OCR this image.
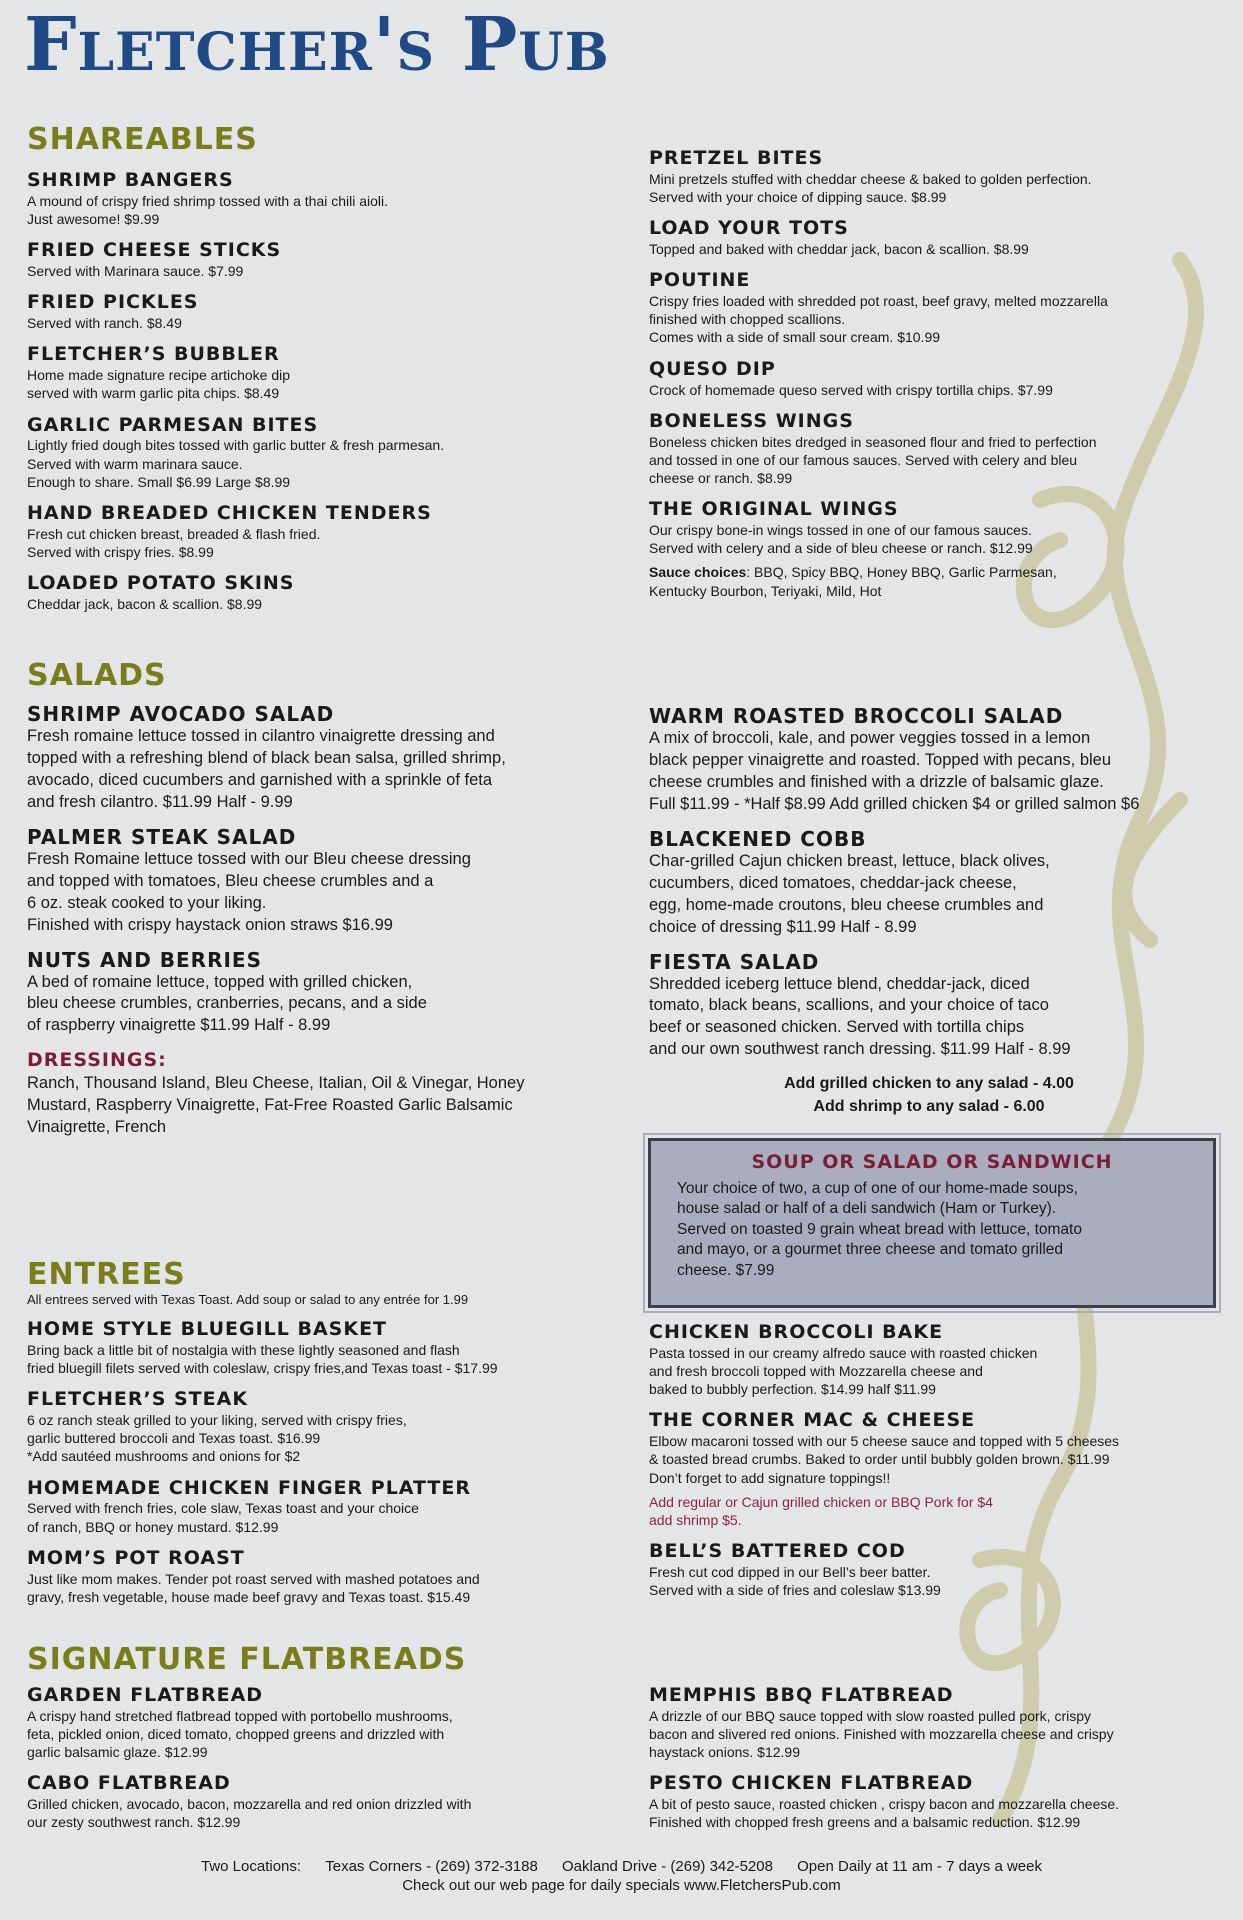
Fletcher's Pub
SHAREABLES
SHRIMP BANGERS
A mound of crispy fried shrimp tossed with a thai chili aioli.
Just awesome! $9.99
FRIED CHEESE STICKS
Served with Marinara sauce. $7.99
FRIED PICKLES
Served with ranch. $8.49
FLETCHER’S BUBBLER
Home made signature recipe artichoke dip
served with warm garlic pita chips. $8.49
GARLIC PARMESAN BITES
Lightly fried dough bites tossed with garlic butter & fresh parmesan.
Served with warm marinara sauce.
Enough to share. Small $6.99 Large $8.99
HAND BREADED CHICKEN TENDERS
Fresh cut chicken breast, breaded & flash fried.
Served with crispy fries. $8.99
LOADED POTATO SKINS
Cheddar jack, bacon & scallion. $8.99
PRETZEL BITES
Mini pretzels stuffed with cheddar cheese & baked to golden perfection.
Served with your choice of dipping sauce. $8.99
LOAD YOUR TOTS
Topped and baked with cheddar jack, bacon & scallion. $8.99
POUTINE
Crispy fries loaded with shredded pot roast, beef gravy, melted mozzarella
finished with chopped scallions.
Comes with a side of small sour cream. $10.99
QUESO DIP
Crock of homemade queso served with crispy tortilla chips. $7.99
BONELESS WINGS
Boneless chicken bites dredged in seasoned flour and fried to perfection
and tossed in one of our famous sauces. Served with celery and bleu
cheese or ranch. $8.99
THE ORIGINAL WINGS
Our crispy bone-in wings tossed in one of our famous sauces.
Served with celery and a side of bleu cheese or ranch. $12.99
Sauce choices: BBQ, Spicy BBQ, Honey BBQ, Garlic Parmesan,
Kentucky Bourbon, Teriyaki, Mild, Hot
SALADS
SHRIMP AVOCADO SALAD
Fresh romaine lettuce tossed in cilantro vinaigrette dressing and
topped with a refreshing blend of black bean salsa, grilled shrimp,
avocado, diced cucumbers and garnished with a sprinkle of feta
and fresh cilantro. $11.99 Half - 9.99
PALMER STEAK SALAD
Fresh Romaine lettuce tossed with our Bleu cheese dressing
and topped with tomatoes, Bleu cheese crumbles and a
6 oz. steak cooked to your liking.
Finished with crispy haystack onion straws $16.99
NUTS AND BERRIES
A bed of romaine lettuce, topped with grilled chicken,
bleu cheese crumbles, cranberries, pecans, and a side
of raspberry vinaigrette $11.99 Half - 8.99
DRESSINGS:
Ranch, Thousand Island, Bleu Cheese, Italian, Oil & Vinegar, Honey
Mustard, Raspberry Vinaigrette, Fat-Free Roasted Garlic Balsamic
Vinaigrette, French
WARM ROASTED BROCCOLI SALAD
A mix of broccoli, kale, and power veggies tossed in a lemon
black pepper vinaigrette and roasted. Topped with pecans, bleu
cheese crumbles and finished with a drizzle of balsamic glaze.
Full $11.99 - *Half $8.99 Add grilled chicken $4 or grilled salmon $6
BLACKENED COBB
Char-grilled Cajun chicken breast, lettuce, black olives,
cucumbers, diced tomatoes, cheddar-jack cheese,
egg, home-made croutons, bleu cheese crumbles and
choice of dressing $11.99 Half - 8.99
FIESTA SALAD
Shredded iceberg lettuce blend, cheddar-jack, diced
tomato, black beans, scallions, and your choice of taco
beef or seasoned chicken. Served with tortilla chips
and our own southwest ranch dressing. $11.99 Half - 8.99
Add grilled chicken to any salad - 4.00
Add shrimp to any salad - 6.00
SOUP OR SALAD OR SANDWICH
Your choice of two, a cup of one of our home-made soups,
house salad or half of a deli sandwich (Ham or Turkey).
Served on toasted 9 grain wheat bread with lettuce, tomato
and mayo, or a gourmet three cheese and tomato grilled
cheese. $7.99
ENTREES
All entrees served with Texas Toast. Add soup or salad to any entrée for 1.99
HOME STYLE BLUEGILL BASKET
Bring back a little bit of nostalgia with these lightly seasoned and flash
fried bluegill filets served with coleslaw, crispy fries,and Texas toast - $17.99
FLETCHER’S STEAK
6 oz ranch steak grilled to your liking, served with crispy fries,
garlic buttered broccoli and Texas toast. $16.99
*Add sautéed mushrooms and onions for $2
HOMEMADE CHICKEN FINGER PLATTER
Served with french fries, cole slaw, Texas toast and your choice
of ranch, BBQ or honey mustard. $12.99
MOM’S POT ROAST
Just like mom makes. Tender pot roast served with mashed potatoes and
gravy, fresh vegetable, house made beef gravy and Texas toast. $15.49
CHICKEN BROCCOLI BAKE
Pasta tossed in our creamy alfredo sauce with roasted chicken
and fresh broccoli topped with Mozzarella cheese and
baked to bubbly perfection. $14.99 half $11.99
THE CORNER MAC & CHEESE
Elbow macaroni tossed with our 5 cheese sauce and topped with 5 cheeses
& toasted bread crumbs. Baked to order until bubbly golden brown. $11.99
Don’t forget to add signature toppings!!
Add regular or Cajun grilled chicken or BBQ Pork for $4
add shrimp $5.
BELL’S BATTERED COD
Fresh cut cod dipped in our Bell’s beer batter.
Served with a side of fries and coleslaw $13.99
SIGNATURE FLATBREADS
GARDEN FLATBREAD
A crispy hand stretched flatbread topped with portobello mushrooms,
feta, pickled onion, diced tomato, chopped greens and drizzled with
garlic balsamic glaze. $12.99
CABO FLATBREAD
Grilled chicken, avocado, bacon, mozzarella and red onion drizzled with
our zesty southwest ranch. $12.99
MEMPHIS BBQ FLATBREAD
A drizzle of our BBQ sauce topped with slow roasted pulled pork, crispy
bacon and slivered red onions. Finished with mozzarella cheese and crispy
haystack onions. $12.99
PESTO CHICKEN FLATBREAD
A bit of pesto sauce, roasted chicken , crispy bacon and mozzarella cheese.
Finished with chopped fresh greens and a balsamic reduction. $12.99
Two Locations: Texas Corners - (269) 372-3188 Oakland Drive - (269) 342-5208 Open Daily at 11 am - 7 days a week
Check out our web page for daily specials www.FletchersPub.com
